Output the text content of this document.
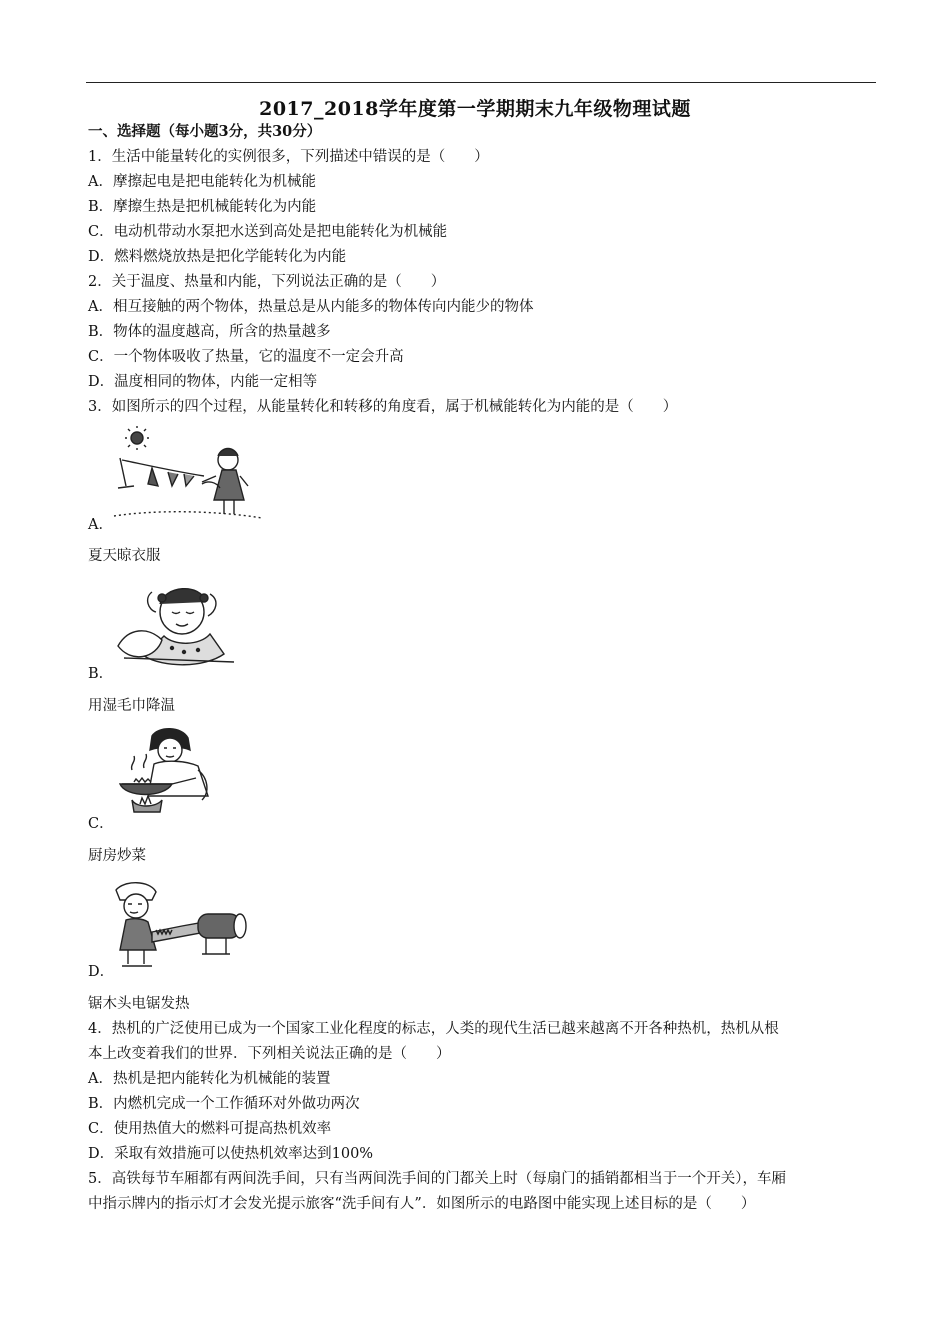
2017_2018学年度第一学期期末九年级物理试题
一、选择题（每小题3分，共30分）
1．生活中能量转化的实例很多，下列描述中错误的是（　　）
A．摩擦起电是把电能转化为机械能
B．摩擦生热是把机械能转化为内能
C．电动机带动水泵把水送到高处是把电能转化为机械能
D．燃料燃烧放热是把化学能转化为内能
2．关于温度、热量和内能，下列说法正确的是（　　）
A．相互接触的两个物体，热量总是从内能多的物体传向内能少的物体
B．物体的温度越高，所含的热量越多
C．一个物体吸收了热量，它的温度不一定会升高
D．温度相同的物体，内能一定相等
3．如图所示的四个过程，从能量转化和转移的角度看，属于机械能转化为内能的是（　　）
A．
夏天晾衣服
B．
用湿毛巾降温
C．
厨房炒菜
D．
锯木头电锯发热
4．热机的广泛使用已成为一个国家工业化程度的标志，人类的现代生活已越来越离不开各种热机，热机从根
本上改变着我们的世界．下列相关说法正确的是（　　）
A．热机是把内能转化为机械能的装置
B．内燃机完成一个工作循环对外做功两次
C．使用热值大的燃料可提高热机效率
D．采取有效措施可以使热机效率达到100%
5．高铁每节车厢都有两间洗手间，只有当两间洗手间的门都关上时（每扇门的插销都相当于一个开关），车厢
中指示牌内的指示灯才会发光提示旅客“洗手间有人”．如图所示的电路图中能实现上述目标的是（　　）
